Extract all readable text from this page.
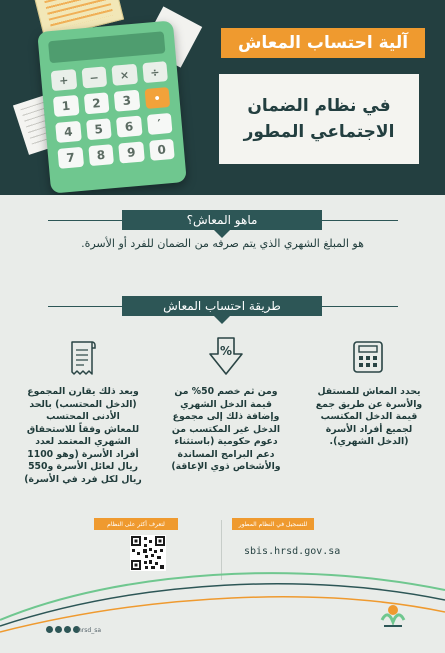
÷
×
−
+
•
3
2
1
′
6
5
4
0
9
8
7
آلية احتساب المعاش
في نظام الضمان
الاجتماعي المطور
ماهو المعاش؟
هو المبلغ الشهري الذي يتم صرفه من الضمان للفرد أو الأسرة.
طريقة احتساب المعاش
%
يحدد المعاش للمستقل
والأسرة عن طريق جمع
قيمة الدخل المكتسب
لجميع أفراد الأسرة
(الدخل الشهري).
ومن ثم خصم 50% من
قيمة الدخل الشهري
وإضافة ذلك إلى مجموع
الدخل غير المكتسب من
دعوم حكومية (باستثناء
دعم البرامج المساندة
والأشخاص ذوي الإعاقة)
وبعد ذلك يقارن المجموع
(الدخل المحتسب) بالحد
الأدنى المحتسب
للمعاش وفقاً للاستحقاق
الشهري المعتمد لعدد
أفراد الأسرة (وهو 1100
ريال لعائل الأسرة و550
ريال لكل فرد في الأسرة)
للتسجيل في النظام المطور
لتعرف أكثر على النظام
sbis.hrsd.gov.sa
hrsd_sa
